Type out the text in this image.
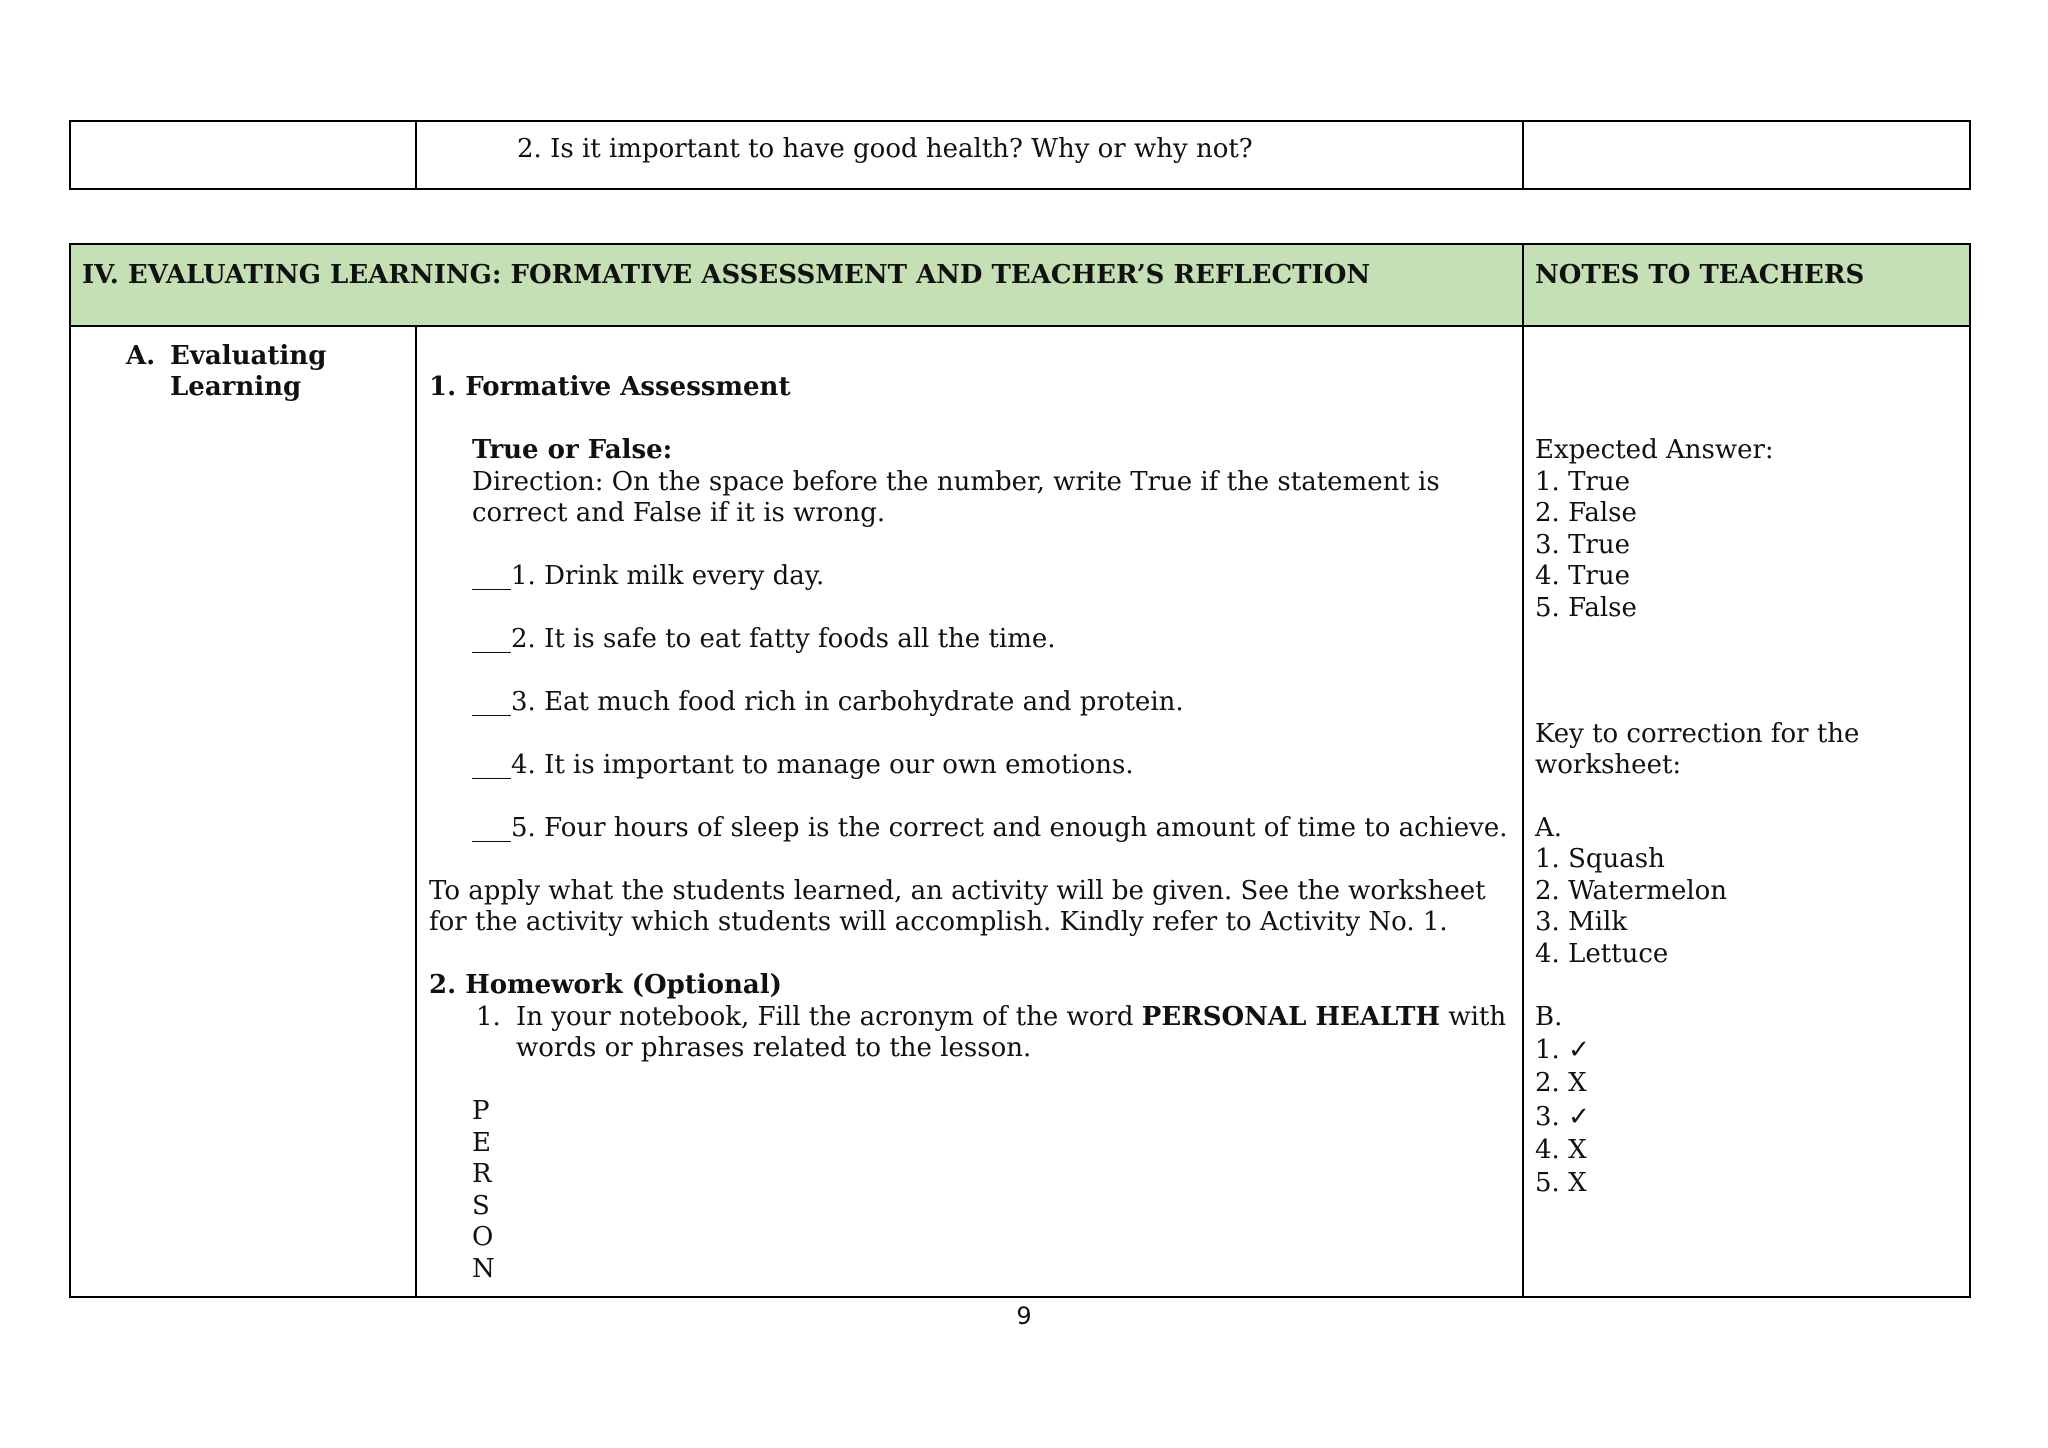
2. Is it important to have good health? Why or why not?
IV. EVALUATING LEARNING: FORMATIVE ASSESSMENT AND TEACHER’S REFLECTION	NOTES TO TEACHERS
A. Evaluating
Learning	1. Formative Assessment
True or False:
Direction: On the space before the number, write True if the statement is
correct and False if it is wrong.
___1. Drink milk every day.
___2. It is safe to eat fatty foods all the time.
___3. Eat much food rich in carbohydrate and protein.
___4. It is important to manage our own emotions.
___5. Four hours of sleep is the correct and enough amount of time to achieve.
To apply what the students learned, an activity will be given. See the worksheet
for the activity which students will accomplish. Kindly refer to Activity No. 1.
2. Homework (Optional)
1. In your notebook, Fill the acronym of the word PERSONAL HEALTH with
words or phrases related to the lesson.
P
E
R
S
O
N
Expected Answer:
1. True
2. False
3. True
4. True
5. False
Key to correction for the
worksheet:
A.
1. Squash
2. Watermelon
3. Milk
4. Lettuce
B.
1. ✓
2. X
3. ✓
4. X
5. X
9
